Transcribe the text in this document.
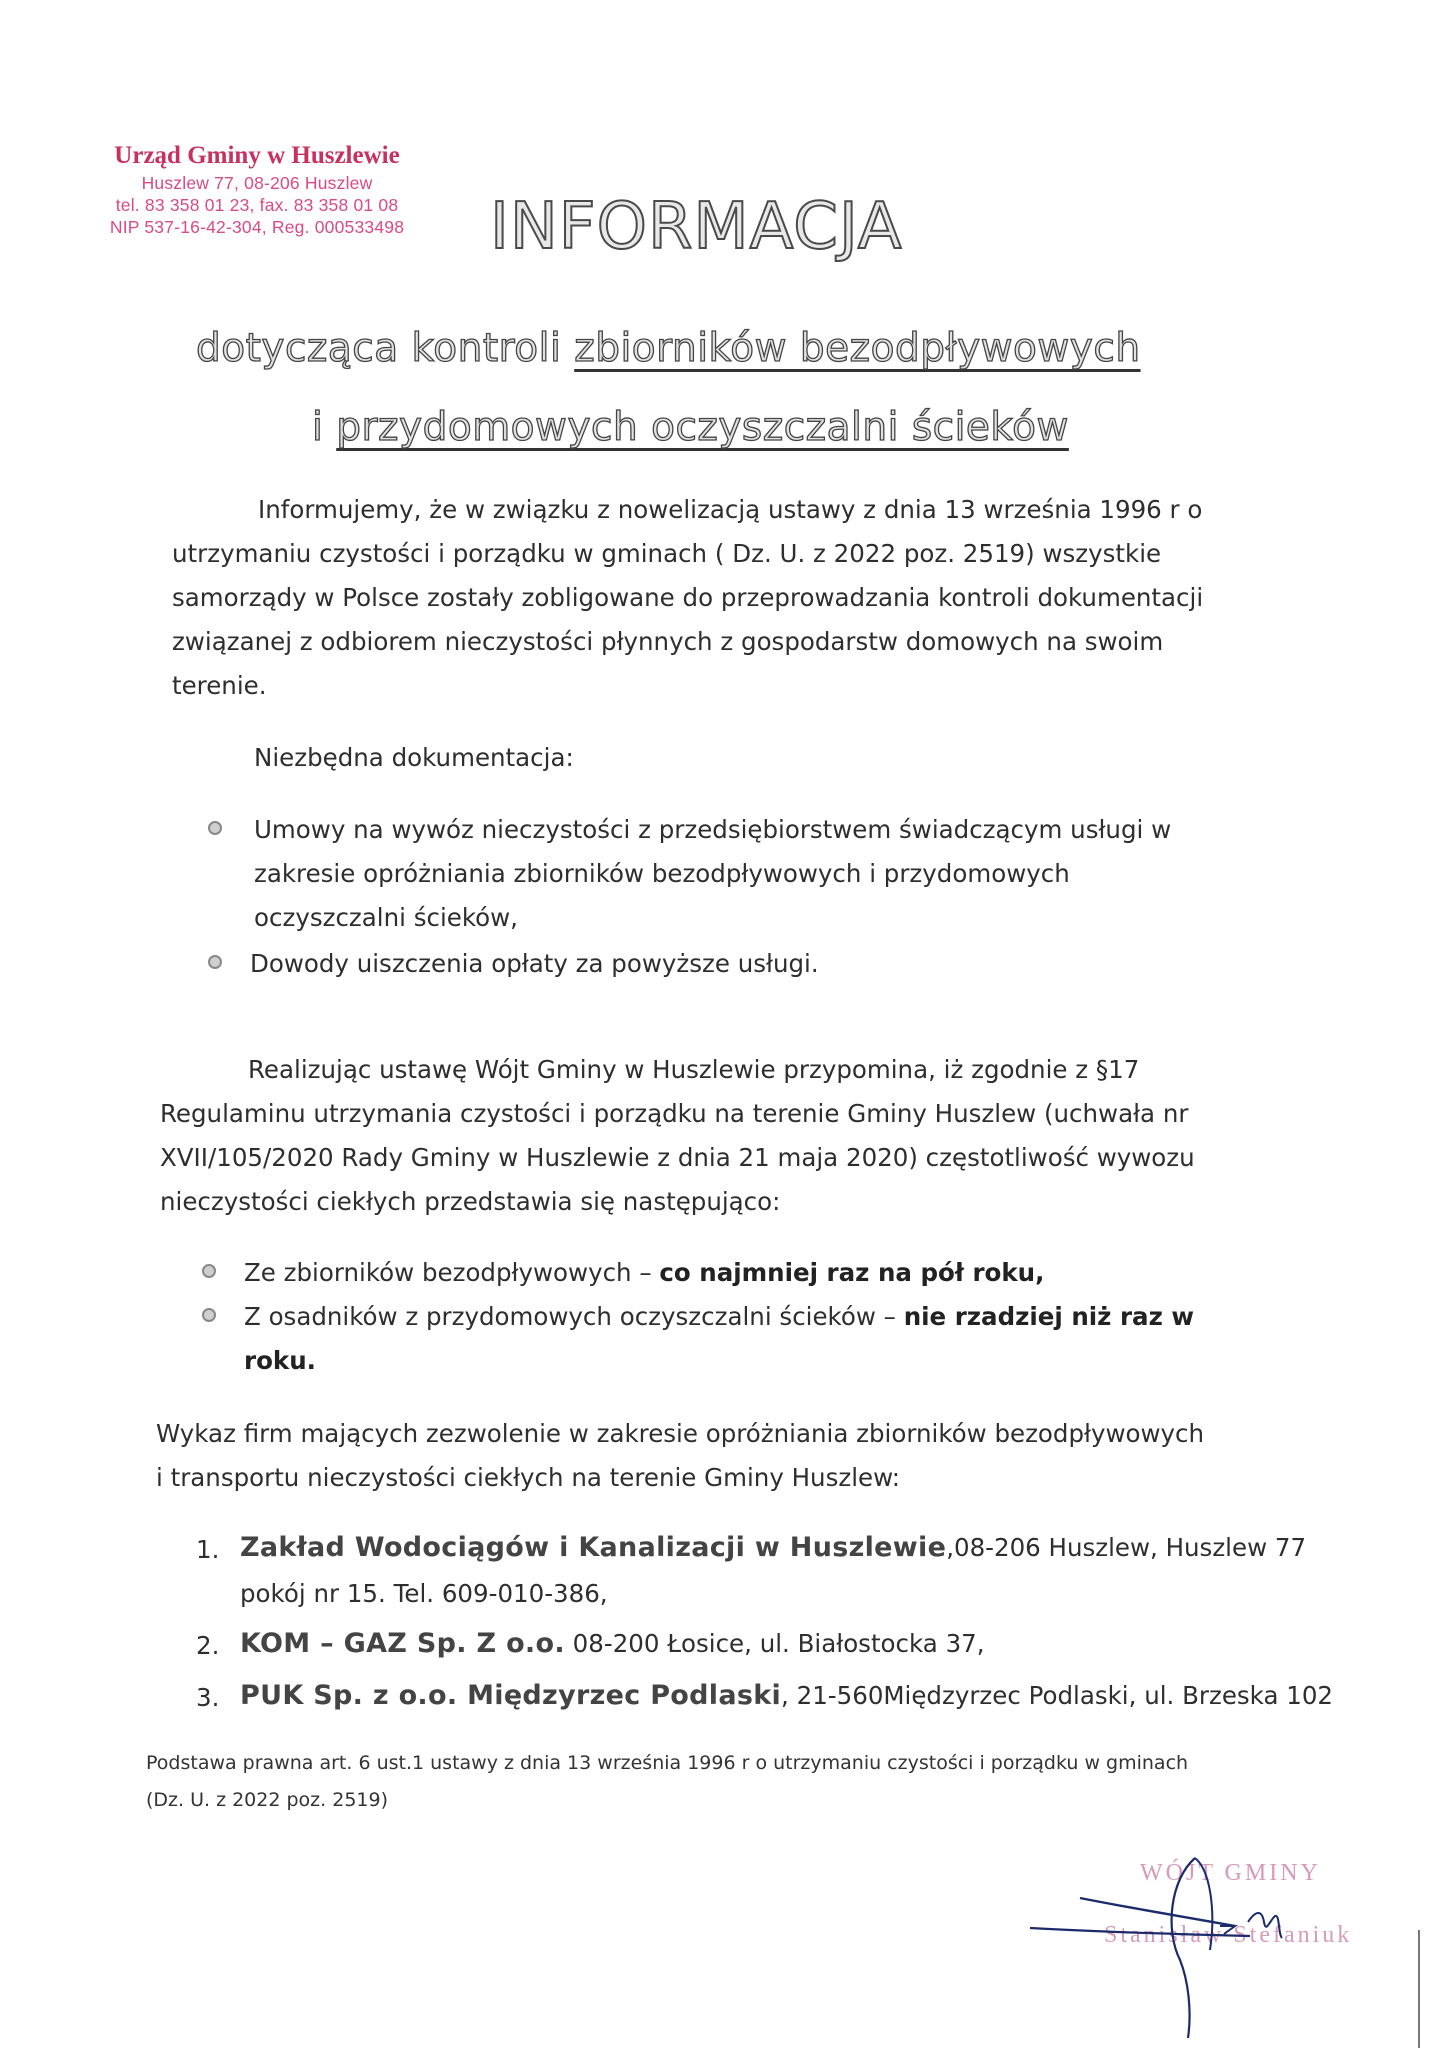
Urząd Gminy w Huszlewie
Huszlew 77, 08-206 Huszlew
tel. 83 358 01 23, fax. 83 358 01 08
NIP 537-16-42-304, Reg. 000533498 INFORMACJA
dotycząca kontroli zbiorników bezodpływowych
i przydomowych oczyszczalni ścieków
Informujemy, że w związku z nowelizacją ustawy z dnia 13 września 1996 r o
utrzymaniu czystości i porządku w gminach ( Dz. U. z 2022 poz. 2519) wszystkie
samorządy w Polsce zostały zobligowane do przeprowadzania kontroli dokumentacji
związanej z odbiorem nieczystości płynnych z gospodarstw domowych na swoim
terenie.
Niezbędna dokumentacja:
Umowy na wywóz nieczystości z przedsiębiorstwem świadczącym usługi w
zakresie opróżniania zbiorników bezodpływowych i przydomowych
oczyszczalni ścieków,
Dowody uiszczenia opłaty za powyższe usługi.
Realizując ustawę Wójt Gminy w Huszlewie przypomina, iż zgodnie z §17
Regulaminu utrzymania czystości i porządku na terenie Gminy Huszlew (uchwała nr
XVII/105/2020 Rady Gminy w Huszlewie z dnia 21 maja 2020) częstotliwość wywozu
nieczystości ciekłych przedstawia się następująco:
Ze zbiorników bezodpływowych – co najmniej raz na pół roku,
Z osadników z przydomowych oczyszczalni ścieków – nie rzadziej niż raz w
roku.
Wykaz firm mających zezwolenie w zakresie opróżniania zbiorników bezodpływowych
i transportu nieczystości ciekłych na terenie Gminy Huszlew:
1. Zakład Wodociągów i Kanalizacji w Huszlewie,08-206 Huszlew, Huszlew 77
pokój nr 15. Tel. 609-010-386,
2. KOM – GAZ Sp. Z o.o. 08-200 Łosice, ul. Białostocka 37,
3. PUK Sp. z o.o. Międzyrzec Podlaski, 21-560Międzyrzec Podlaski, ul. Brzeska 102
Podstawa prawna art. 6 ust.1 ustawy z dnia 13 września 1996 r o utrzymaniu czystości i porządku w gminach
(Dz. U. z 2022 poz. 2519)
WÓJT GMINY
Stanisław Stefaniuk
